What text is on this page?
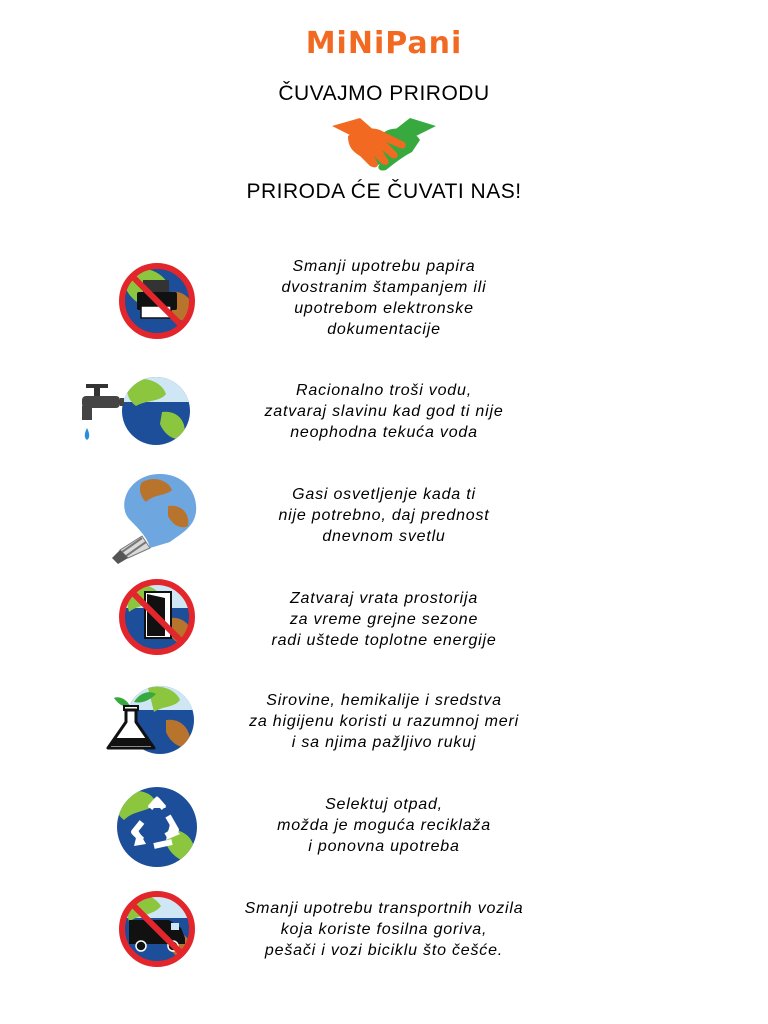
MiNiPani
ČUVAJMO PRIRODU
PRIRODA ĆE ČUVATI NAS!
Smanji upotrebu papira
dvostranim štampanjem ili
upotrebom elektronske
dokumentacije
Racionalno troši vodu,
zatvaraj slavinu kad god ti nije
neophodna tekuća voda
Gasi osvetljenje kada ti
nije potrebno, daj prednost
dnevnom svetlu
Zatvaraj vrata prostorija
za vreme grejne sezone
radi uštede toplotne energije
Sirovine, hemikalije i sredstva
za higijenu koristi u razumnoj meri
i sa njima pažljivo rukuj
Selektuj otpad,
možda je moguća reciklaža
i ponovna upotreba
Smanji upotrebu transportnih vozila
koja koriste fosilna goriva,
pešači i vozi biciklu što češće.
